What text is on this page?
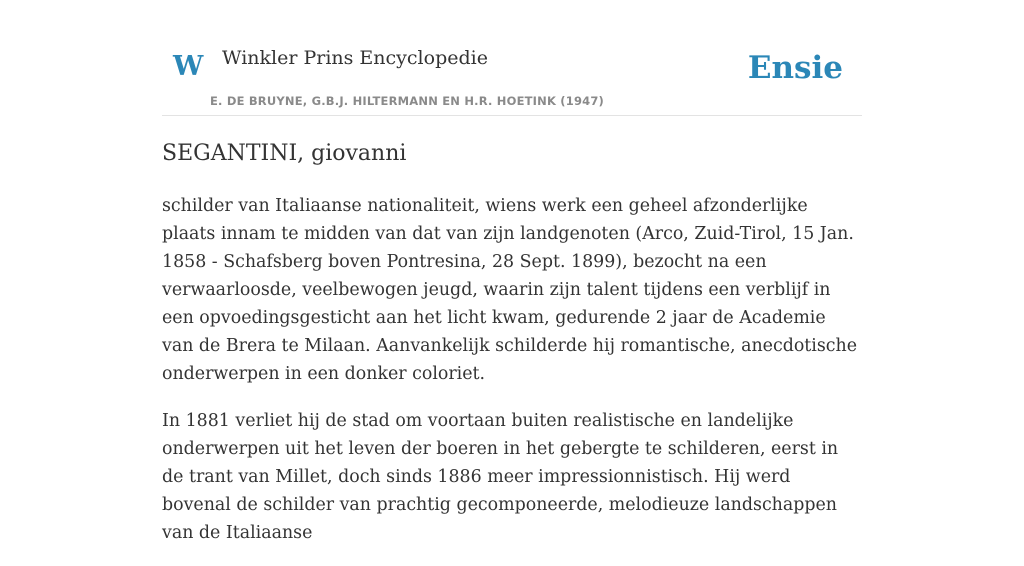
W Winkler Prins Encyclopedie	Ensie
E. DE BRUYNE, G.B.J. HILTERMANN EN H.R. HOETINK (1947)
SEGANTINI, giovanni

schilder van Italiaanse nationaliteit, wiens werk een geheel afzonderlijke plaats innam te midden van dat van zijn landgenoten (Arco, Zuid-Tirol, 15 Jan. 1858 - Schafsberg boven Pontresina, 28 Sept. 1899), bezocht na een verwaarloosde, veelbewogen jeugd, waarin zijn talent tijdens een verblijf in een opvoedingsgesticht aan het licht kwam, gedurende 2 jaar de Academie van de Brera te Milaan. Aanvankelijk schilderde hij romantische, anecdotische onderwerpen in een donker coloriet.

In 1881 verliet hij de stad om voortaan buiten realistische en landelijke onderwerpen uit het leven der boeren in het gebergte te schilderen, eerst in de trant van Millet, doch sinds 1886 meer impressionnistisch. Hij werd bovenal de schilder van prachtig gecomponeerde, melodieuze landschappen van de Italiaanse
